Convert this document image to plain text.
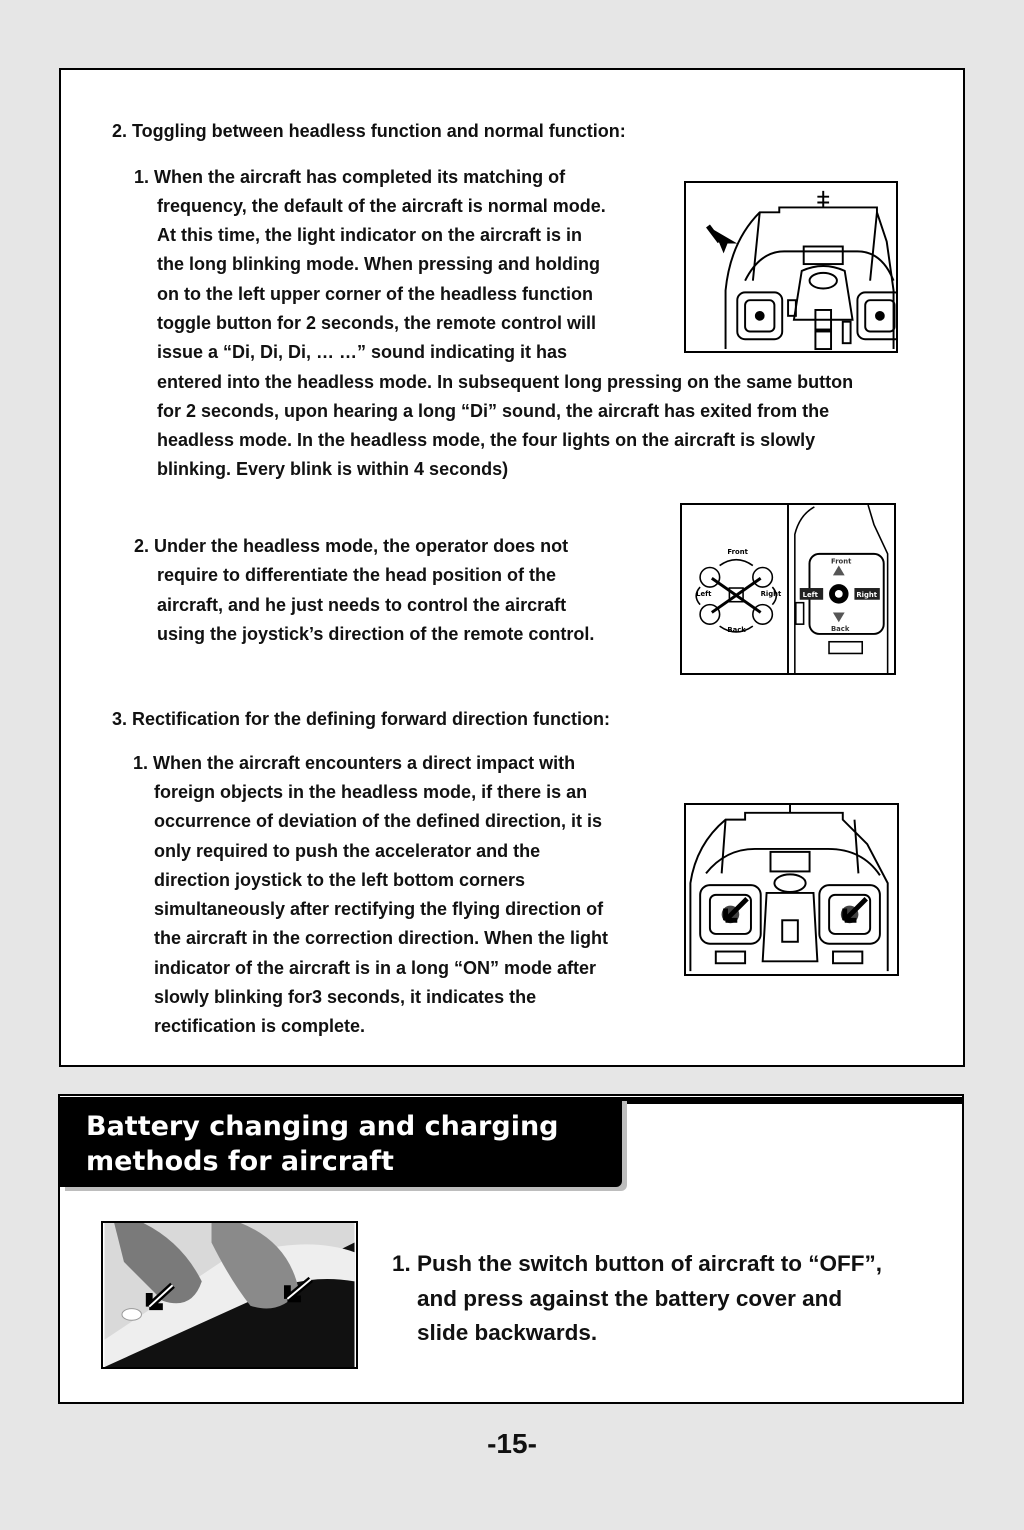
2. Toggling between headless function and normal function:
1. When the aircraft has completed its matching of
frequency, the default of the aircraft is normal mode.
At this time, the light indicator on the aircraft is in
the long blinking mode. When pressing and holding
on to the left upper corner of the headless function
toggle button for 2 seconds, the remote control will
issue a “Di, Di, Di, … …” sound indicating it has
entered into the headless mode. In subsequent long pressing on the same button
for 2 seconds, upon hearing a long “Di” sound, the aircraft has exited from the
headless mode. In the headless mode, the four lights on the aircraft is slowly
blinking. Every blink is within 4 seconds)
2. Under the headless mode, the operator does not
require to differentiate the head position of the
aircraft, and he just needs to control the aircraft
using the joystick’s direction of the remote control.
Front
Left	Right
Back
Front
Left	Right
Back
3. Rectification for the defining forward direction function:
1. When the aircraft encounters a direct impact with
foreign objects in the headless mode, if there is an
occurrence of deviation of the defined direction, it is
only required to push the accelerator and the
direction joystick to the left bottom corners
simultaneously after rectifying the flying direction of
the aircraft in the correction direction. When the light
indicator of the aircraft is in a long “ON” mode after
slowly blinking for3 seconds, it indicates the
rectification is complete.
Battery changing and charging
methods for aircraft
1. Push the switch button of aircraft to “OFF”,
and press against the battery cover and
slide backwards.
-15-
